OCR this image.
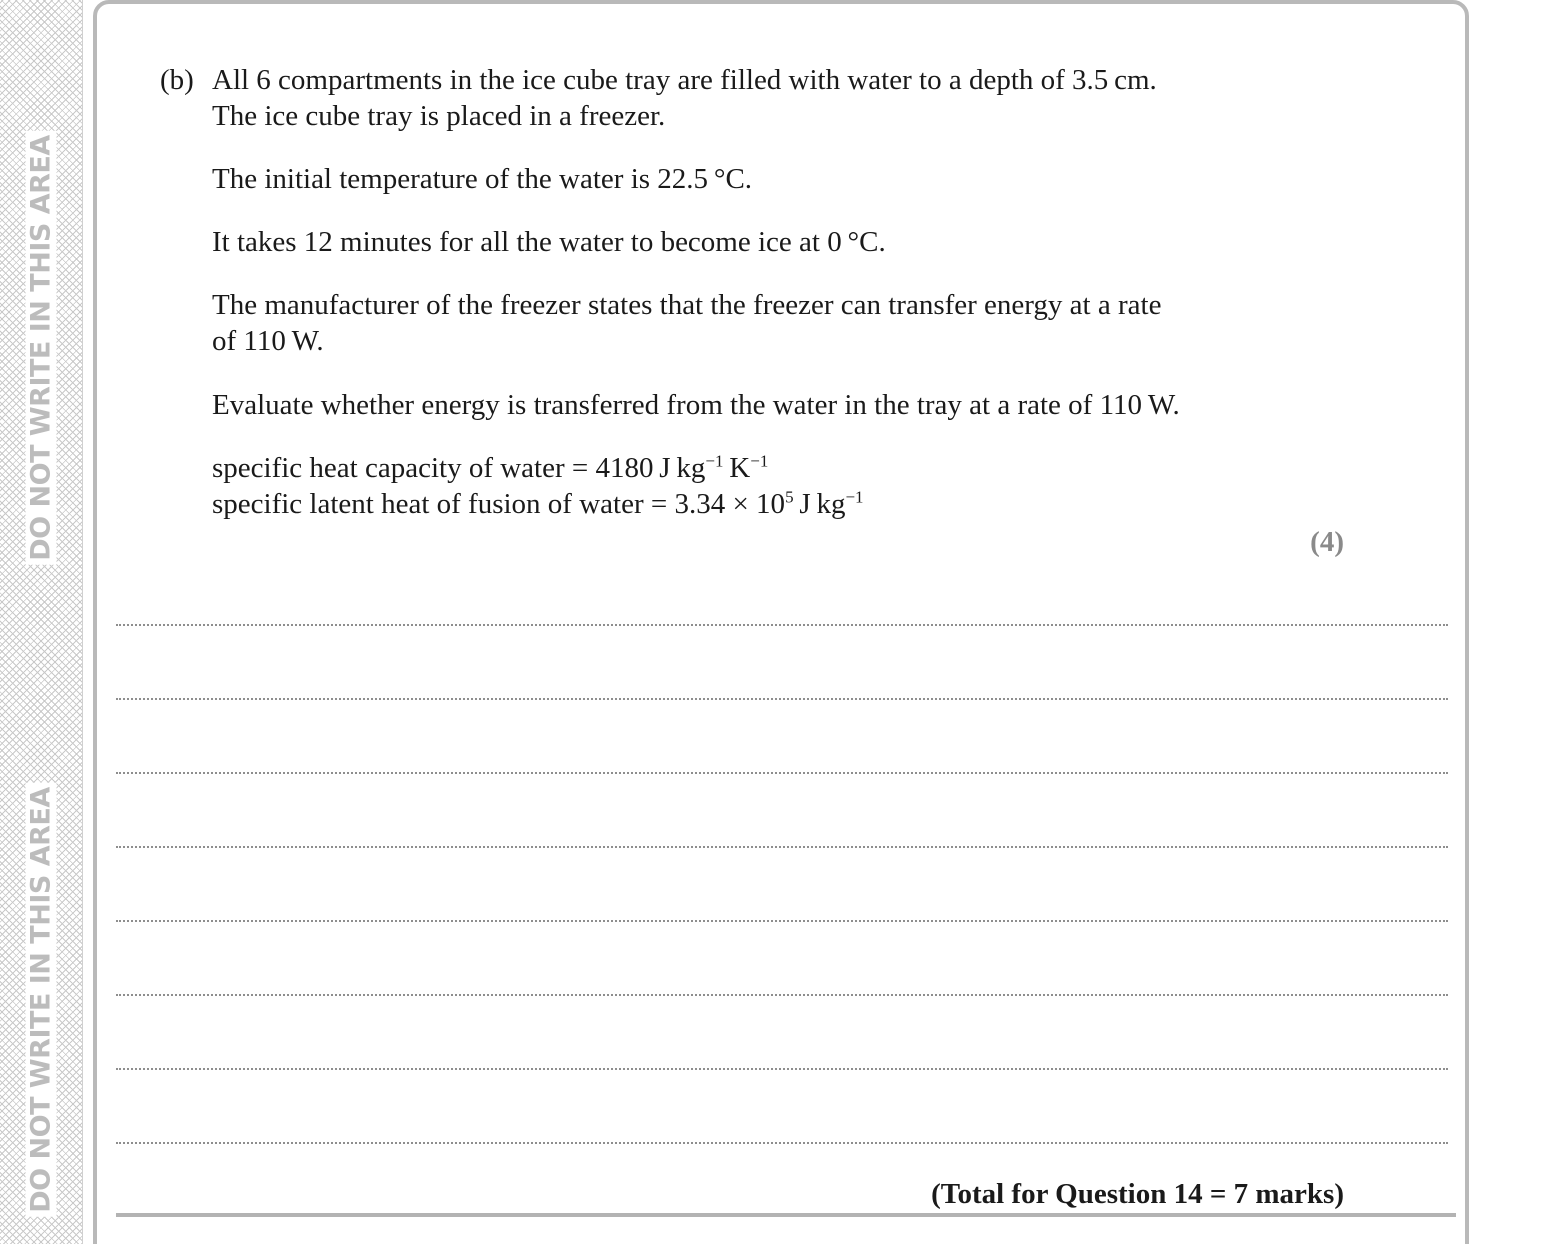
DO NOT WRITE IN THIS AREA
DO NOT WRITE IN THIS AREA
(b) All 6 compartments in the ice cube tray are filled with water to a depth of 3.5 cm.
The ice cube tray is placed in a freezer.
The initial temperature of the water is 22.5 °C.
It takes 12 minutes for all the water to become ice at 0 °C.
The manufacturer of the freezer states that the freezer can transfer energy at a rate
of 110 W.
Evaluate whether energy is transferred from the water in the tray at a rate of 110 W.
specific heat capacity of water = 4180 J $kg^{-1}$  $K^{-1}$
specific latent heat of fusion of water = $3.34 \times 10^5$  J $kg^{-1}$
(4)
(Total for Question 14 = 7 marks)
